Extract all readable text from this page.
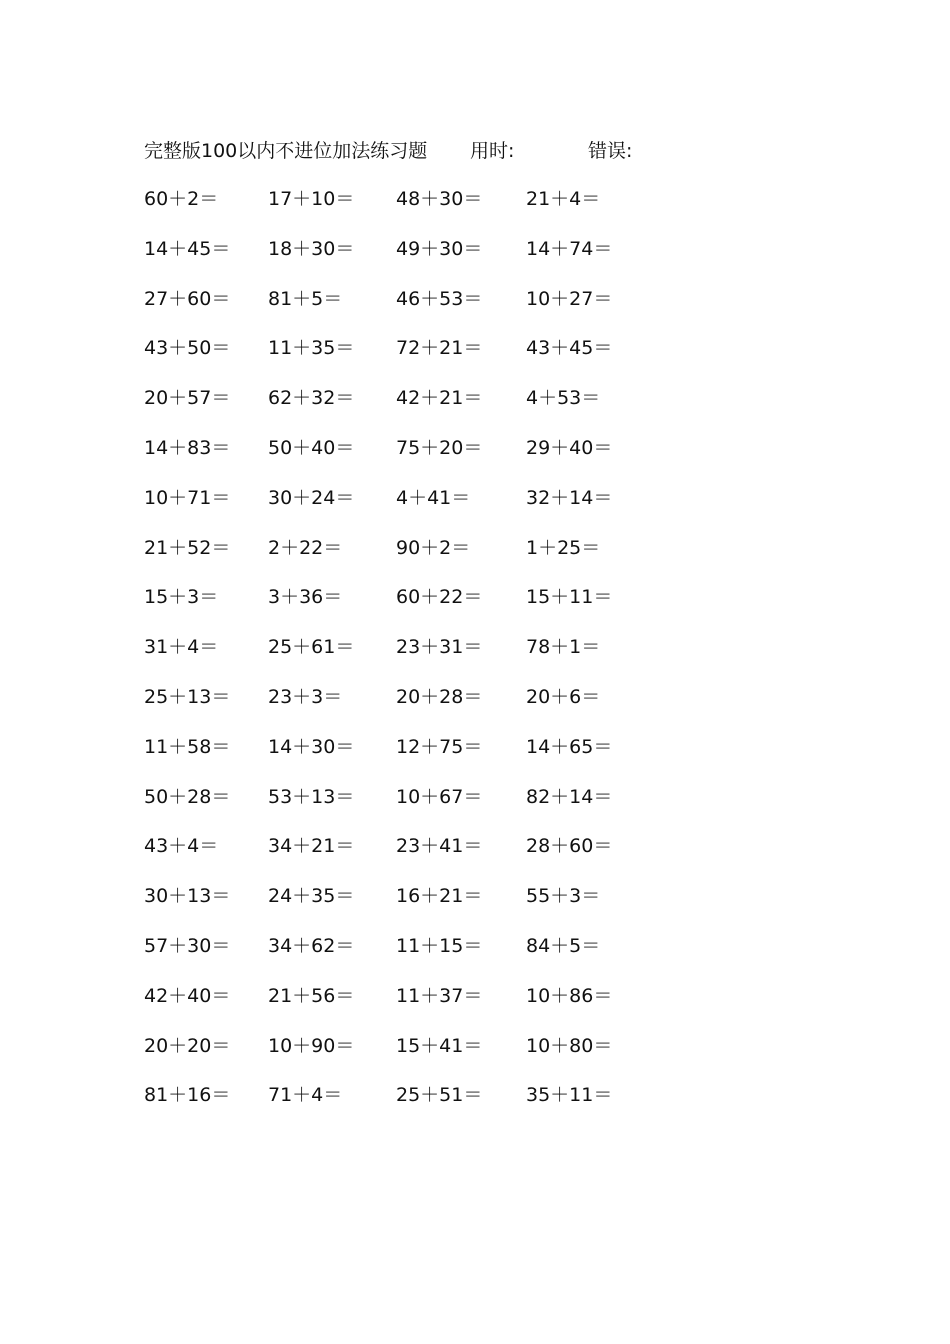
完整版100以内不进位加法练习题 用时:	错误:
60＋2＝	17＋10＝ 48＋30＝ 21＋4＝
14＋45＝ 18＋30＝ 49＋30＝ 14＋74＝
27＋60＝ 81＋5＝	46＋53＝ 10＋27＝
43＋50＝ 11＋35＝ 72＋21＝ 43＋45＝
20＋57＝ 62＋32＝ 42＋21＝ 4＋53＝
14＋83＝ 50＋40＝ 75＋20＝ 29＋40＝
10＋71＝ 30＋24＝ 4＋41＝	32＋14＝
21＋52＝ 2＋22＝	90＋2＝	1＋25＝
15＋3＝	3＋36＝	60＋22＝ 15＋11＝
31＋4＝	25＋61＝ 23＋31＝ 78＋1＝
25＋13＝ 23＋3＝	20＋28＝ 20＋6＝
11＋58＝ 14＋30＝ 12＋75＝ 14＋65＝
50＋28＝ 53＋13＝ 10＋67＝ 82＋14＝
43＋4＝	34＋21＝ 23＋41＝ 28＋60＝
30＋13＝ 24＋35＝ 16＋21＝ 55＋3＝
57＋30＝ 34＋62＝ 11＋15＝ 84＋5＝
42＋40＝ 21＋56＝ 11＋37＝ 10＋86＝
20＋20＝ 10＋90＝ 15＋41＝ 10＋80＝
81＋16＝ 71＋4＝	25＋51＝ 35＋11＝
